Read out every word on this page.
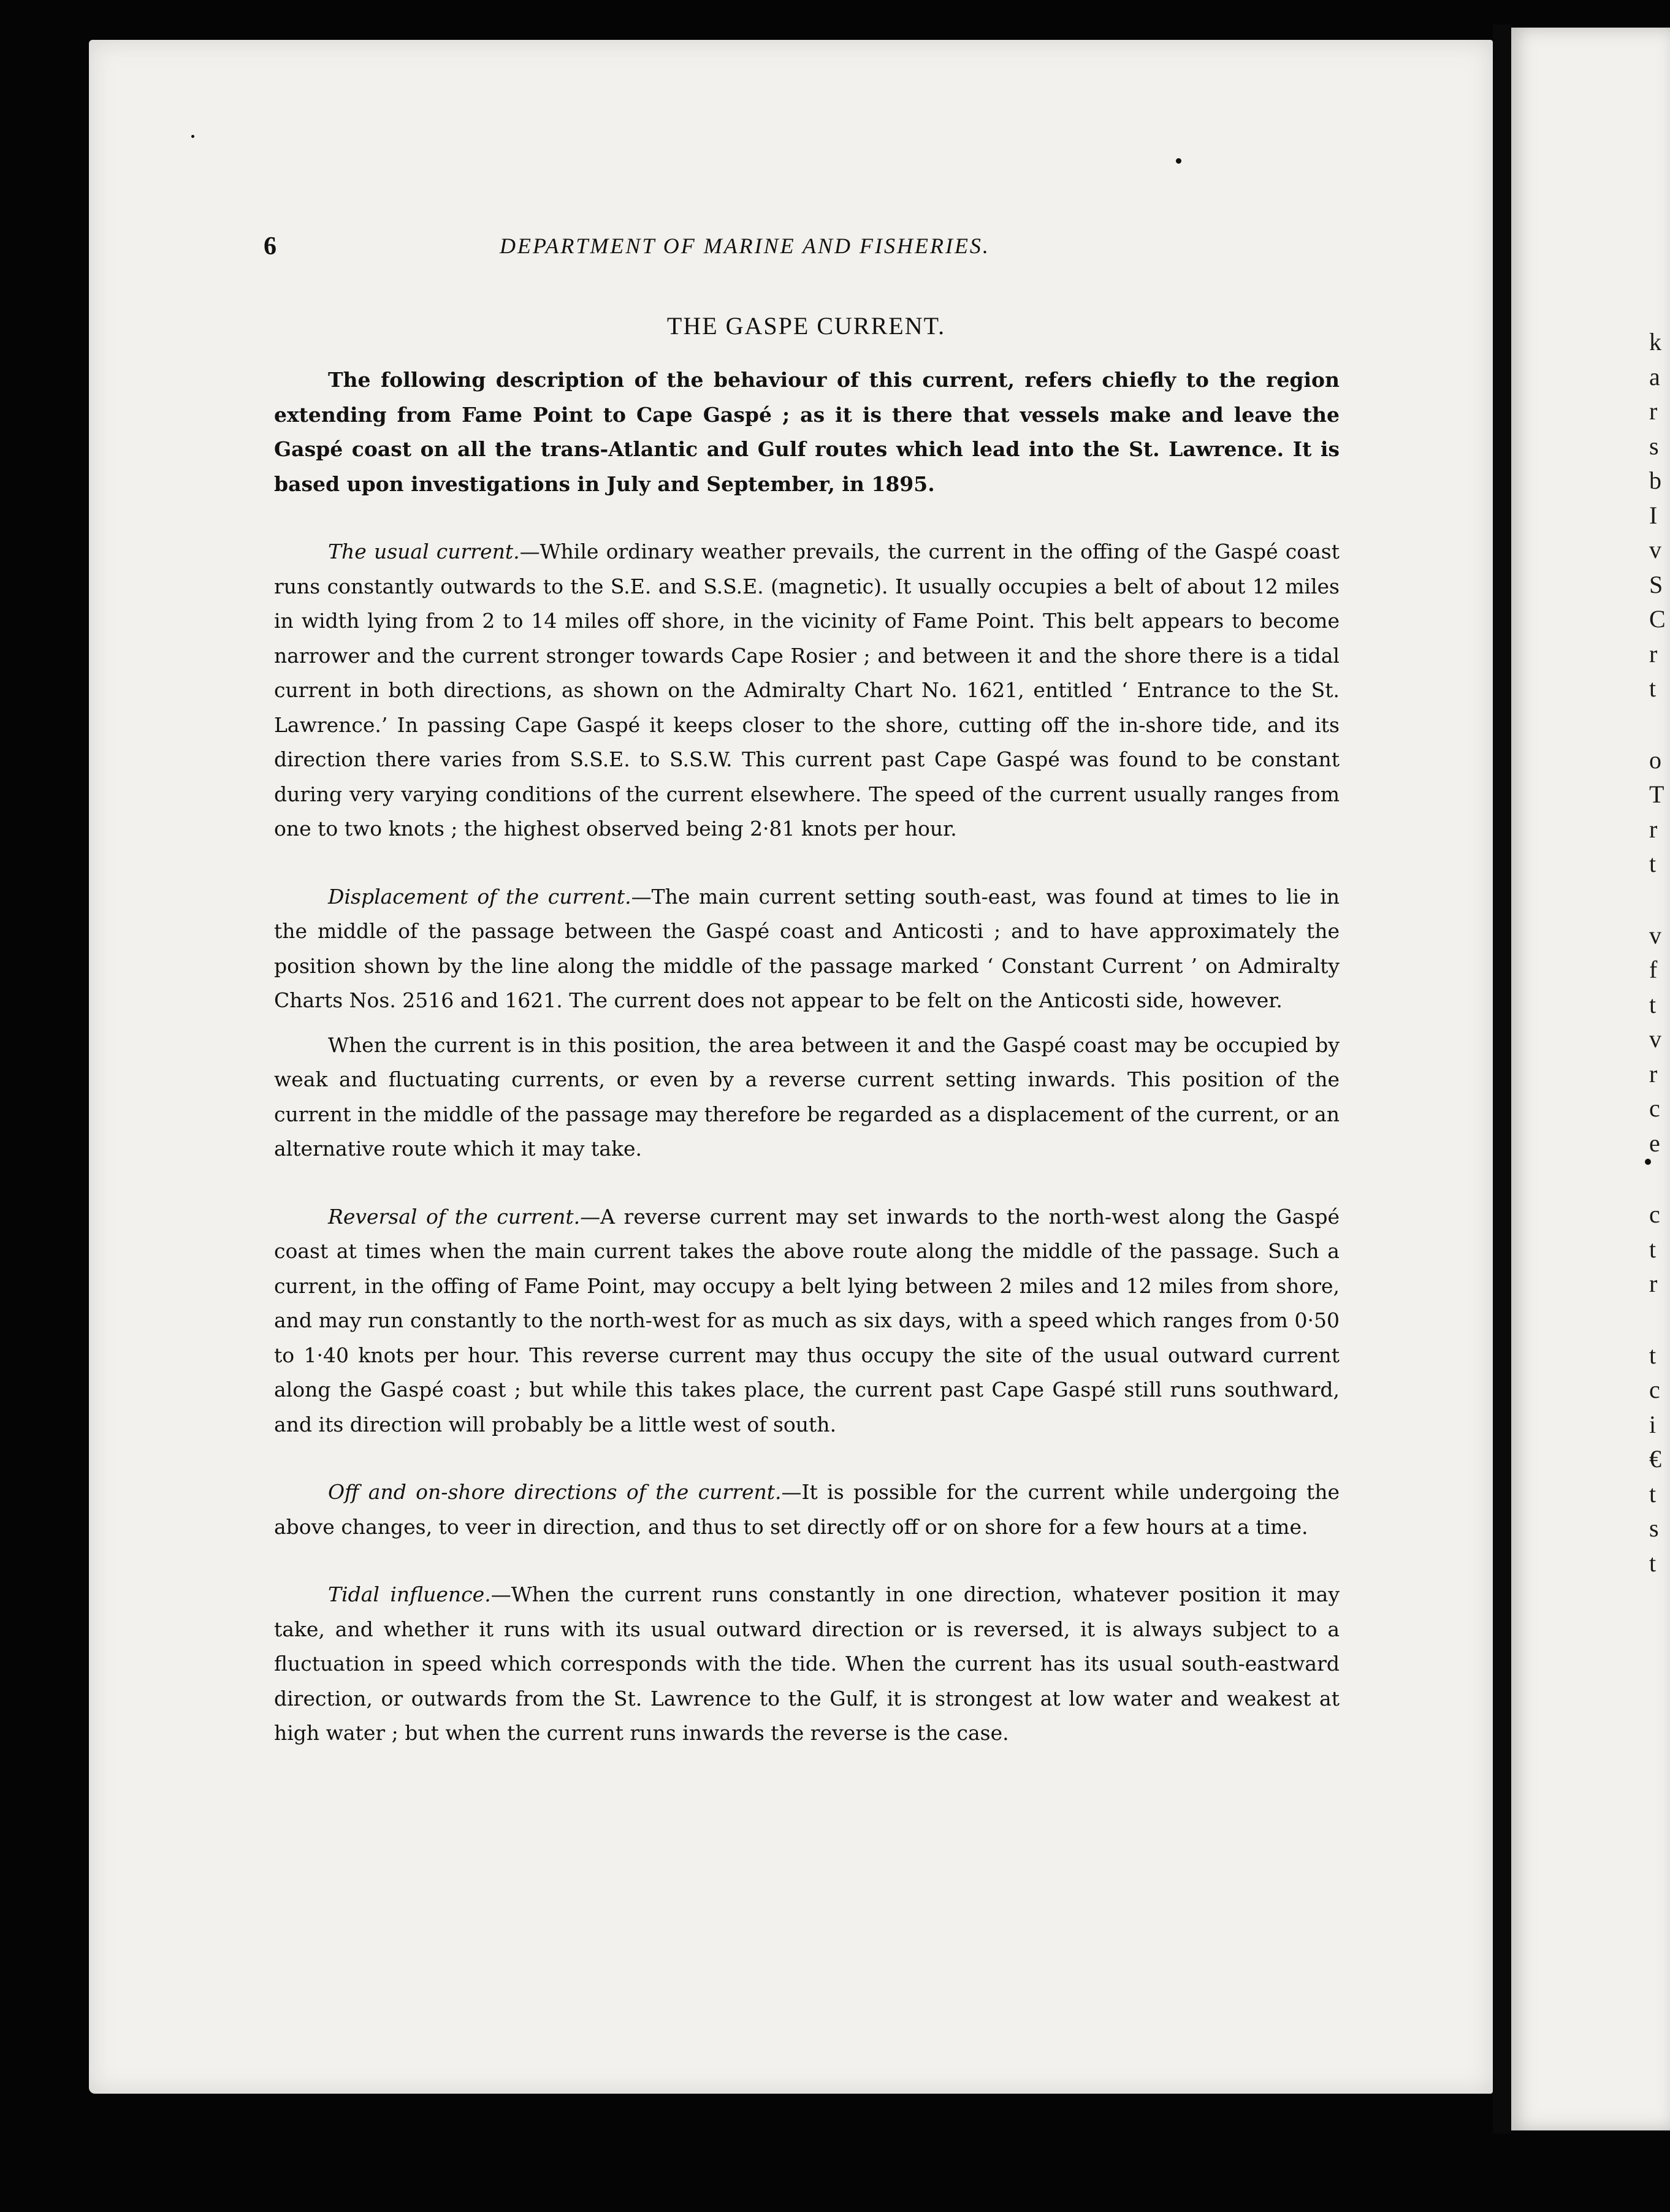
k
a
r
s
b
I
v
S
C
r
t
o
T
r
t
v
f
t
v
r
c
e
c
t
r
t
c
i
€
t
s
t
6	DEPARTMENT OF MARINE AND FISHERIES.
THE GASPE CURRENT.

The following description of the behaviour of this current, refers chiefly to the region extending from Fame Point to Cape Gaspé ; as it is there that vessels make and leave the Gaspé coast on all the trans-Atlantic and Gulf routes which lead into the St. Lawrence. It is based upon investigations in July and September, in 1895.

The usual current.—While ordinary weather prevails, the current in the offing of the Gaspé coast runs constantly outwards to the S.E. and S.S.E. (magnetic). It usually occupies a belt of about 12 miles in width lying from 2 to 14 miles off shore, in the vicinity of Fame Point. This belt appears to become narrower and the current stronger towards Cape Rosier ; and between it and the shore there is a tidal current in both directions, as shown on the Admiralty Chart No. 1621, entitled ‘ Entrance to the St. Lawrence.’ In passing Cape Gaspé it keeps closer to the shore, cutting off the in-shore tide, and its direction there varies from S.S.E. to S.S.W. This current past Cape Gaspé was found to be constant during very varying conditions of the current elsewhere. The speed of the current usually ranges from one to two knots ; the highest observed being 2·81 knots per hour.

Displacement of the current.—The main current setting south-east, was found at times to lie in the middle of the passage between the Gaspé coast and Anticosti ; and to have approximately the position shown by the line along the middle of the passage marked ‘ Constant Current ’ on Admiralty Charts Nos. 2516 and 1621. The current does not appear to be felt on the Anticosti side, however.

When the current is in this position, the area between it and the Gaspé coast may be occupied by weak and fluctuating currents, or even by a reverse current setting inwards. This position of the current in the middle of the passage may therefore be regarded as a displacement of the current, or an alternative route which it may take.

Reversal of the current.—A reverse current may set inwards to the north-west along the Gaspé coast at times when the main current takes the above route along the middle of the passage. Such a current, in the offing of Fame Point, may occupy a belt lying between 2 miles and 12 miles from shore, and may run constantly to the north-west for as much as six days, with a speed which ranges from 0·50 to 1·40 knots per hour. This reverse current may thus occupy the site of the usual outward current along the Gaspé coast ; but while this takes place, the current past Cape Gaspé still runs southward, and its direction will probably be a little west of south.

Off and on-shore directions of the current.—It is possible for the current while undergoing the above changes, to veer in direction, and thus to set directly off or on shore for a few hours at a time.

Tidal influence.—When the current runs constantly in one direction, whatever position it may take, and whether it runs with its usual outward direction or is reversed, it is always subject to a fluctuation in speed which corresponds with the tide. When the current has its usual south-eastward direction, or outwards from the St. Lawrence to the Gulf, it is strongest at low water and weakest at high water ; but when the current runs inwards the reverse is the case.
